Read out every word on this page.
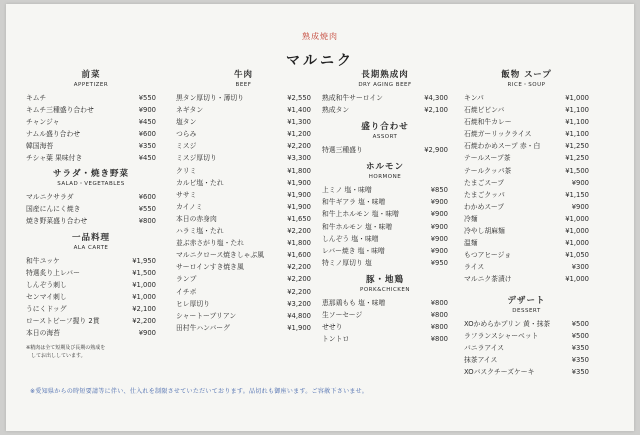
熟成焼肉
マルニク
前菜
APPETIZER
キムチ	¥550
キムチ三種盛り合わせ	¥900
チャンジャ	¥450
ナムル盛り合わせ	¥600
韓国海苔	¥350
チシャ葉 果味付き	¥450
サラダ・焼き野菜
SALAD・VEGETABLES
マルニクサラダ	¥600
国産にんにく焼き	¥550
焼き野菜盛り合わせ	¥800
一品料理
ALA CARTE
和牛ユッケ	¥1,950
特選炙り上レバー	¥1,500
しんぞう刺し	¥1,000
センマイ刺し	¥1,000
うにくドッグ	¥2,100
ローストビーフ握り 2貫	¥2,200
本日の海苔	¥900
※精肉は全て短期及び長期の熟成を
　してお出ししています。
牛肉
BEEF
黒タン厚切り・薄切り	¥2,550
ネギタン	¥1,400
塩タン	¥1,300
つらみ	¥1,200
ミスジ	¥2,200
ミスジ厚切り	¥3,300
クリミ	¥1,800
カルビ塩・たれ	¥1,900
ササミ	¥1,900
カイノミ	¥1,900
本日の赤身肉	¥1,650
ハラミ塩・たれ	¥2,200
並ぶ赤さがり塩・たれ	¥1,800
マルニクロース焼きしゃぶ風	¥1,600
サーロインすき焼き風	¥2,200
ランプ	¥2,200
イチボ	¥2,200
ヒレ厚切り	¥3,200
シャートーブリアン	¥4,800
田村牛ハンバーグ	¥1,900
長期熟成肉
DRY AGING BEEF
熟成和牛サーロイン	¥4,300
熟成タン	¥2,100
盛り合わせ
ASSORT
特選三種盛り	¥2,900
ホルモン
HORMONE
上ミノ 塩・味噌	¥850
和牛ギアラ 塩・味噌	¥900
和牛上ホルモン 塩・味噌	¥900
和牛ホルモン 塩・味噌	¥900
しんぞう 塩・味噌	¥900
レバー焼き 塩・味噌	¥900
特ミノ厚切り 塩	¥950
豚・地鶏
PORK&CHICKEN
恵那鶏もも 塩・味噌	¥800
生ソーセージ	¥800
せせり	¥800
トントロ	¥800
飯物 スープ
RICE・SOUP
キンパ	¥1,000
石焼ビビンバ	¥1,100
石焼和牛カレー	¥1,100
石焼ガーリックライス	¥1,100
石焼わかめスープ 赤・白	¥1,250
テールスープ茶	¥1,250
テールクッパ茶	¥1,500
たまごスープ	¥900
たまごクッパ	¥1,150
わかめスープ	¥900
冷麺	¥1,000
冷やし胡麻麺	¥1,000
温麺	¥1,000
もつアヒージョ	¥1,050
ライス	¥300
マルニク茶漬け	¥1,000
デザート
DESSERT
XOかめらかプリン 黄・抹茶	¥500
ラフランスシャーベット	¥500
バニラアイス	¥350
抹茶アイス	¥350
XOバスクチーズケーキ	¥350
※愛知県からの時短要請等に伴い、仕入れを制限させていただいております。品切れも御座います。ご容赦下さいませ。
